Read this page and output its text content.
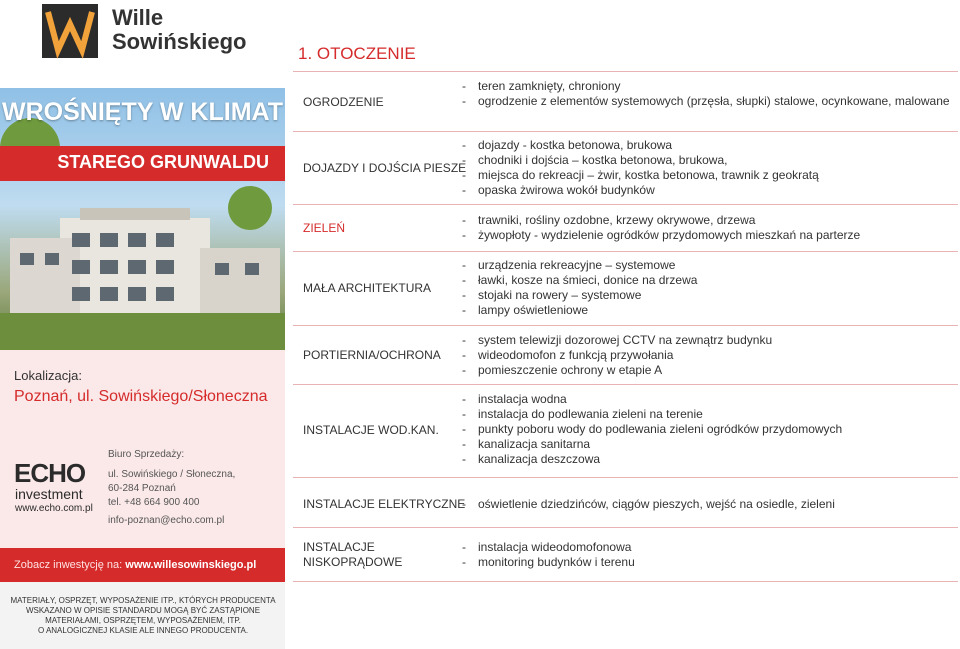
Wille
Sowińskiego
WROŚNIĘTY W KLIMAT
STAREGO GRUNWALDU
Lokalizacja:
Poznań, ul. Sowińskiego/Słoneczna
ECHO
investment
www.echo.com.pl
Biuro Sprzedaży:
ul. Sowińskiego / Słoneczna,
60-284 Poznań
tel. +48 664 900 400
info-poznan@echo.com.pl
Zobacz inwestycję na: www.willesowinskiego.pl
MATERIAŁY, OSPRZĘT, WYPOSAŻENIE ITP., KTÓRYCH PRODUCENTA
WSKAZANO W OPISIE STANDARDU MOGĄ BYĆ ZASTĄPIONE
MATERIAŁAMI, OSPRZĘTEM, WYPOSAŻENIEM, ITP.
O ANALOGICZNEJ KLASIE ALE INNEGO PRODUCENTA.
1. OTOCZENIE
OGRODZENIE
- teren zamknięty, chroniony
- ogrodzenie z elementów systemowych (przęsła, słupki) stalowe, ocynkowane, malowane
DOJAZDY I DOJŚCIA PIESZE
- dojazdy - kostka betonowa, brukowa
- chodniki i dojścia – kostka betonowa, brukowa,
- miejsca do rekreacji – żwir, kostka betonowa, trawnik z geokratą
- opaska żwirowa wokół budynków
ZIELEŃ
- trawniki, rośliny ozdobne, krzewy okrywowe, drzewa
- żywopłoty - wydzielenie ogródków przydomowych mieszkań na parterze
MAŁA ARCHITEKTURA
- urządzenia rekreacyjne – systemowe
- ławki, kosze na śmieci, donice na drzewa
- stojaki na rowery – systemowe
- lampy oświetleniowe
PORTIERNIA/OCHRONA
- system telewizji dozorowej CCTV na zewnątrz budynku
- wideodomofon z funkcją przywołania
- pomieszczenie ochrony w etapie A
INSTALACJE WOD.KAN.
- instalacja wodna
- instalacja do podlewania zieleni na terenie
- punkty poboru wody do podlewania zieleni ogródków przydomowych
- kanalizacja sanitarna
- kanalizacja deszczowa
INSTALACJE ELEKTRYCZNE
-	oświetlenie dziedzińców, ciągów pieszych, wejść na osiedle, zieleni
INSTALACJE NISKOPRĄDOWE
- instalacja wideodomofonowa
- monitoring budynków i terenu
